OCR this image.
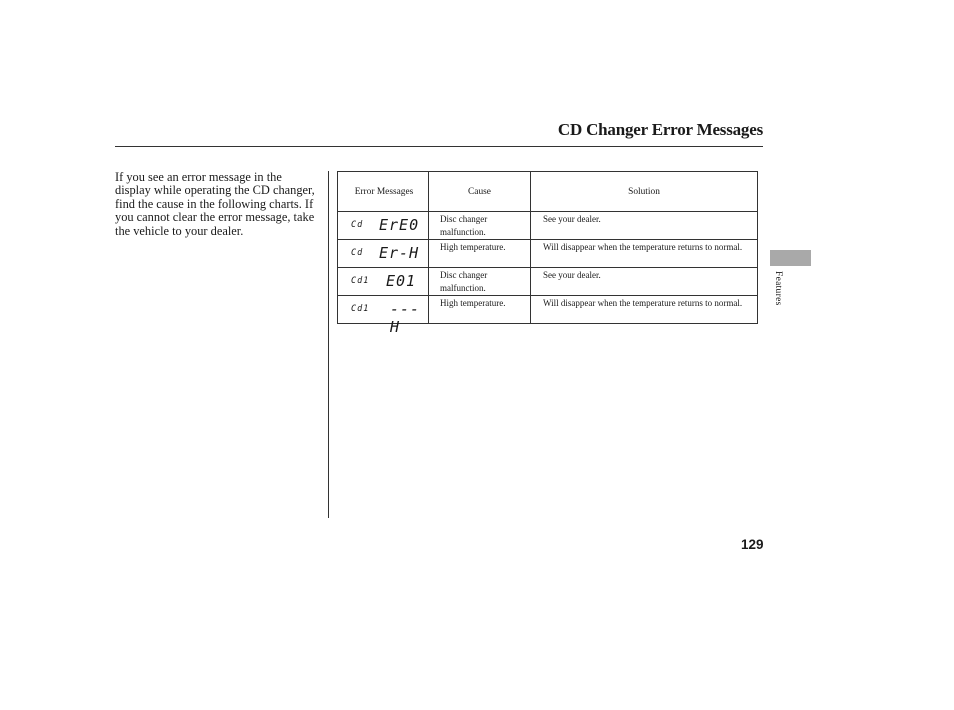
CD Changer Error Messages
If you see an error message in the display while operating the CD changer, find the cause in the following charts. If you cannot clear the error message, take the vehicle to your dealer.
Error Messages	Cause	Solution

Cd ErE0	Disc changer malfunction.	See your dealer.

Cd Er-H	High temperature.	Will disappear when the temperature returns to normal.

Cd1 E01	Disc changer malfunction.	See your dealer.

Cd1 ---H	High temperature.	Will disappear when the temperature returns to normal.	Features
129
